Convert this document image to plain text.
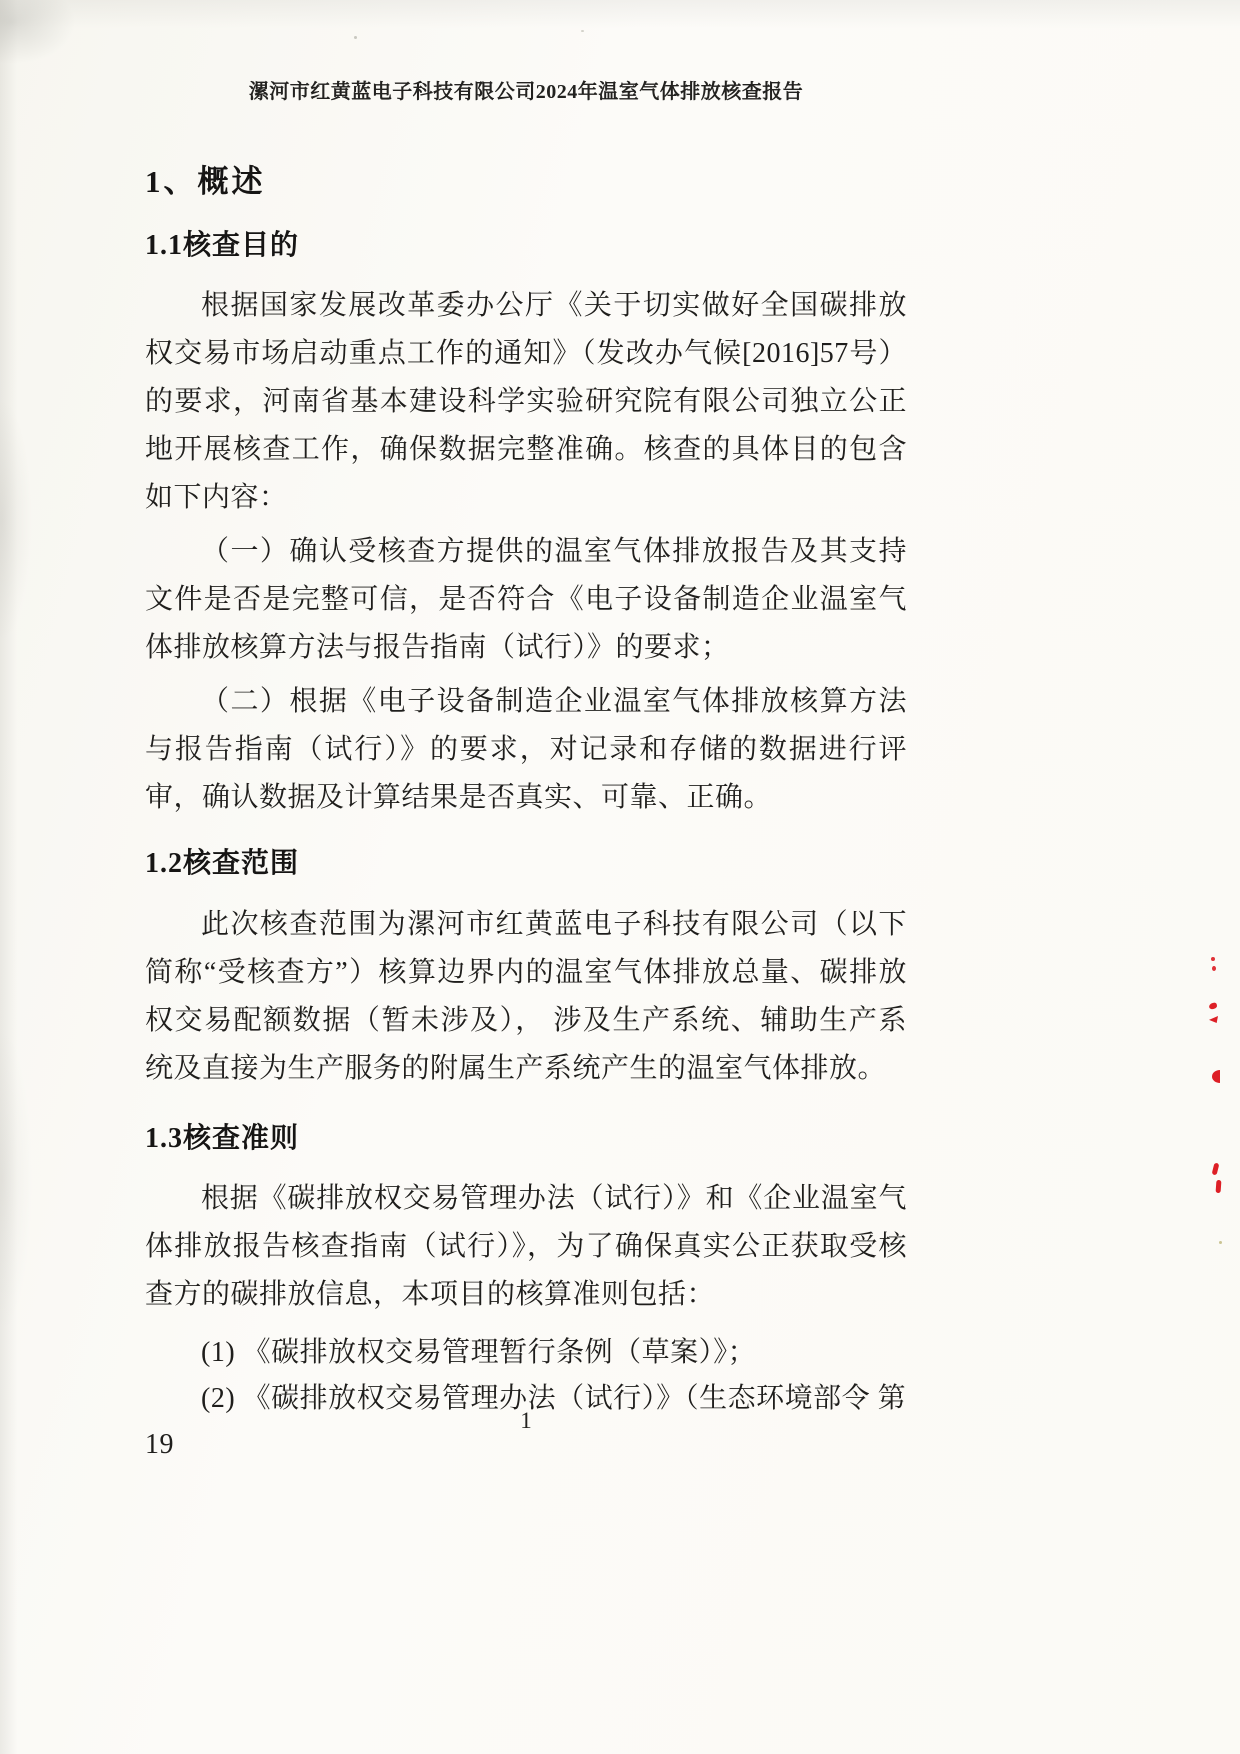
漯河市红黄蓝电子科技有限公司2024年温室气体排放核查报告
1、概述
1.1核查目的

根据国家发展改革委办公厅《关于切实做好全国碳排放权交易市场启动重点工作的通知》（发改办气候[2016]57号）的要求，河南省基本建设科学实验研究院有限公司独立公正地开展核查工作，确保数据完整准确。核查的具体目的包含如下内容：

（一）确认受核查方提供的温室气体排放报告及其支持文件是否是完整可信，是否符合《电子设备制造企业温室气体排放核算方法与报告指南（试行）》的要求；

（二）根据《电子设备制造企业温室气体排放核算方法与报告指南（试行）》的要求，对记录和存储的数据进行评审，确认数据及计算结果是否真实、可靠、正确。

1.2核查范围

此次核查范围为漯河市红黄蓝电子科技有限公司（以下简称“受核查方”）核算边界内的温室气体排放总量、碳排放权交易配额数据（暂未涉及）， 涉及生产系统、辅助生产系统及直接为生产服务的附属生产系统产生的温室气体排放。

1.3核查准则

根据《碳排放权交易管理办法（试行）》和《企业温室气体排放报告核查指南（试行）》，为了确保真实公正获取受核查方的碳排放信息，本项目的核算准则包括：

(1) 《碳排放权交易管理暂行条例（草案）》；

(2) 《碳排放权交易管理办法（试行）》（生态环境部令 第19

1
